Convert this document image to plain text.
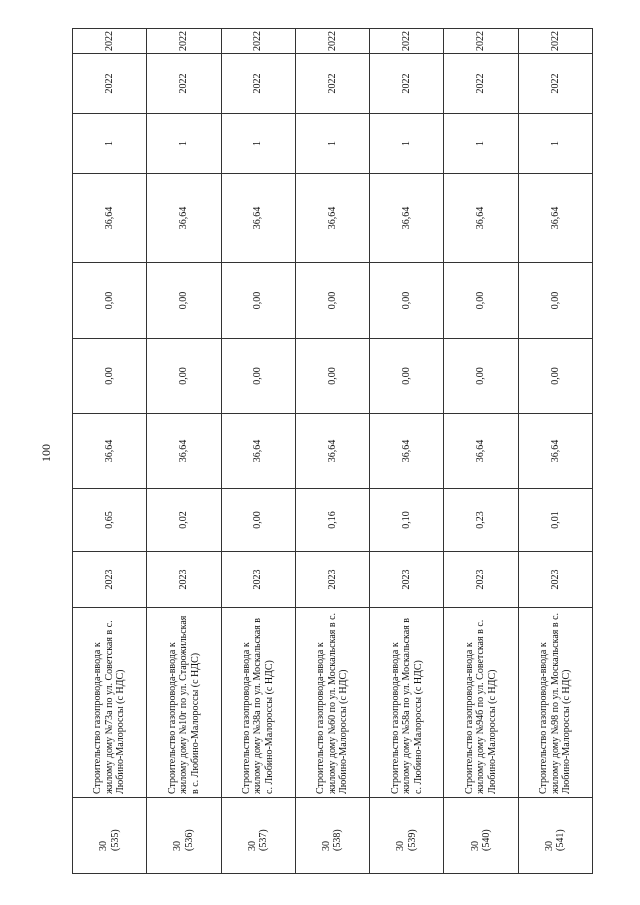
100
30 (535)	Строительство газопровода-ввода к жилому дому №73а по ул. Советская в с. Любино-Малороссы (с НДС)	2023	0,65	36,64	0,00	0,00	36,64	1	2022	2022

30 (536)	Строительство газопровода-ввода к жилому дому №10г по ул. Старожильская в с. Любино-Малороссы (с НДС)	2023	0,02	36,64	0,00	0,00	36,64	1	2022	2022

30 (537)	Строительство газопровода-ввода к жилому дому №38а по ул. Москальская в с. Любино-Малороссы (с НДС)	2023	0,00	36,64	0,00	0,00	36,64	1	2022	2022

30 (538)	Строительство газопровода-ввода к жилому дому №60 по ул. Москальская в с. Любино-Малороссы (с НДС)	2023	0,16	36,64	0,00	0,00	36,64	1	2022	2022

30 (539)	Строительство газопровода-ввода к жилому дому №58а по ул. Москальская в с. Любино-Малороссы (с НДС)	2023	0,10	36,64	0,00	0,00	36,64	1	2022	2022

30 (540)	Строительство газопровода-ввода к жилому дому №94б по ул. Советская в с. Любино-Малороссы (с НДС)	2023	0,23	36,64	0,00	0,00	36,64	1	2022	2022

30 (541)	Строительство газопровода-ввода к жилому дому №98 по ул. Москальская в с. Любино-Малороссы (с НДС)	2023	0,01	36,64	0,00	0,00	36,64	1	2022	2022
